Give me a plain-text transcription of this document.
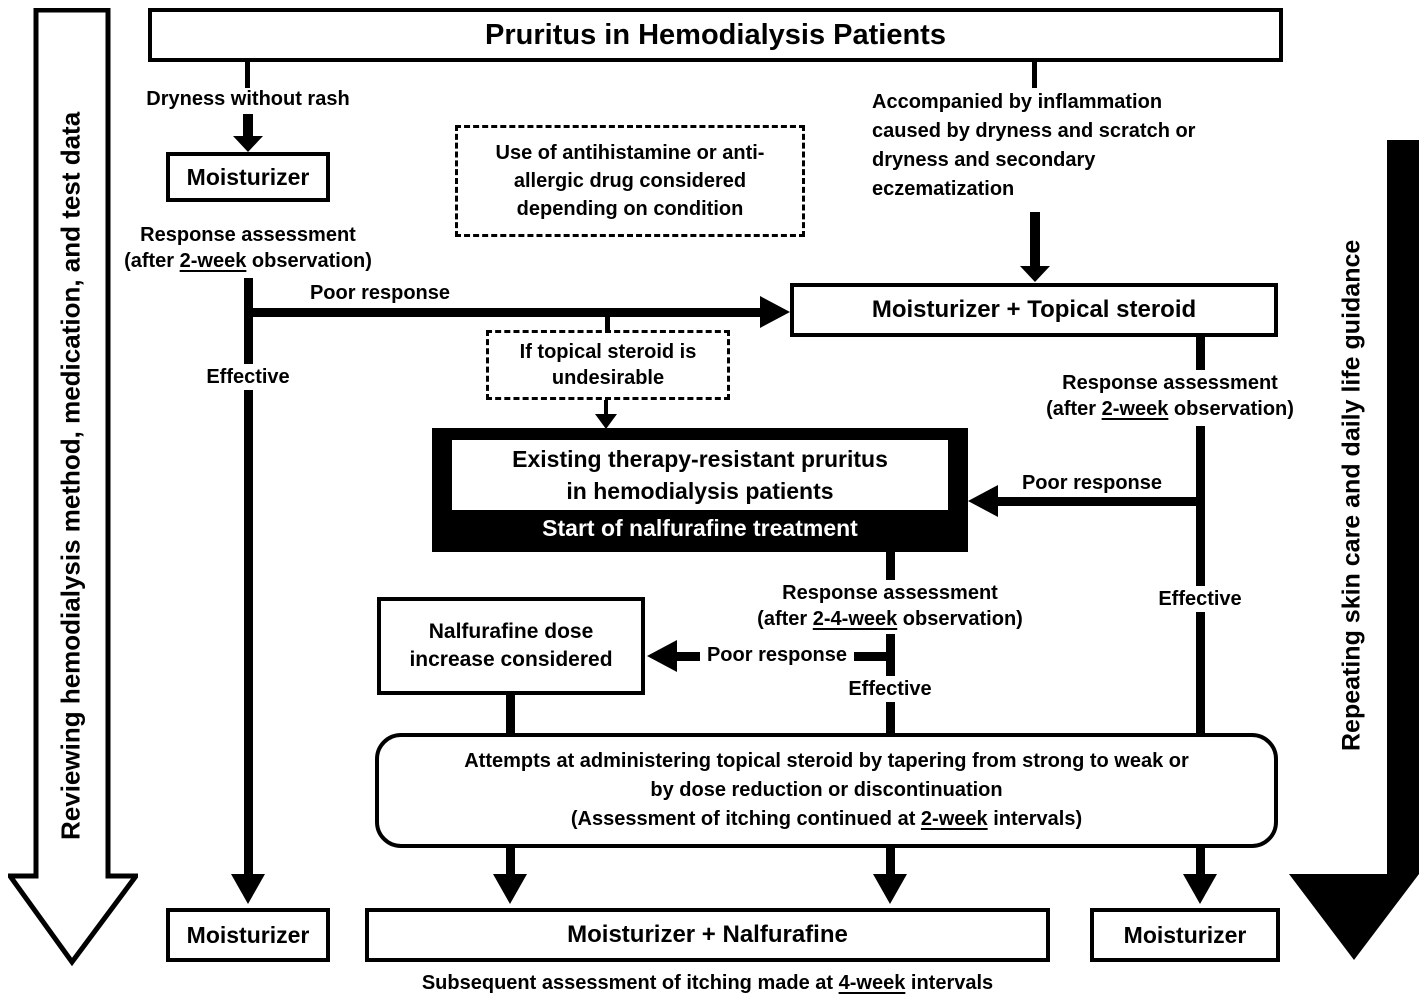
Pruritus in Hemodialysis Patients
Reviewing hemodialysis method, medication, and test data	Repeating skin care and daily life guidance
Dryness without rash
Moisturizer
Response assessment
(after 2-week observation)
Effective
Poor response
Use of antihistamine or anti-
allergic drug considered
depending on condition
If topical steroid is
undesirable
Accompanied by inflammation
caused by dryness and scratch or
dryness and secondary
eczematization
Moisturizer + Topical steroid
Response assessment
(after 2-week observation)
Effective
Poor response
Existing therapy-resistant pruritus
in hemodialysis patients
Start of nalfurafine treatment
Response assessment
(after 2-4-week observation)
Poor response
Effective
Nalfurafine dose
increase considered
Attempts at administering topical steroid by tapering from strong to weak or
by dose reduction or discontinuation
(Assessment of itching continued at 2-week intervals)
Moisturizer	Moisturizer + Nalfurafine	Moisturizer
Subsequent assessment of itching made at 4-week intervals
